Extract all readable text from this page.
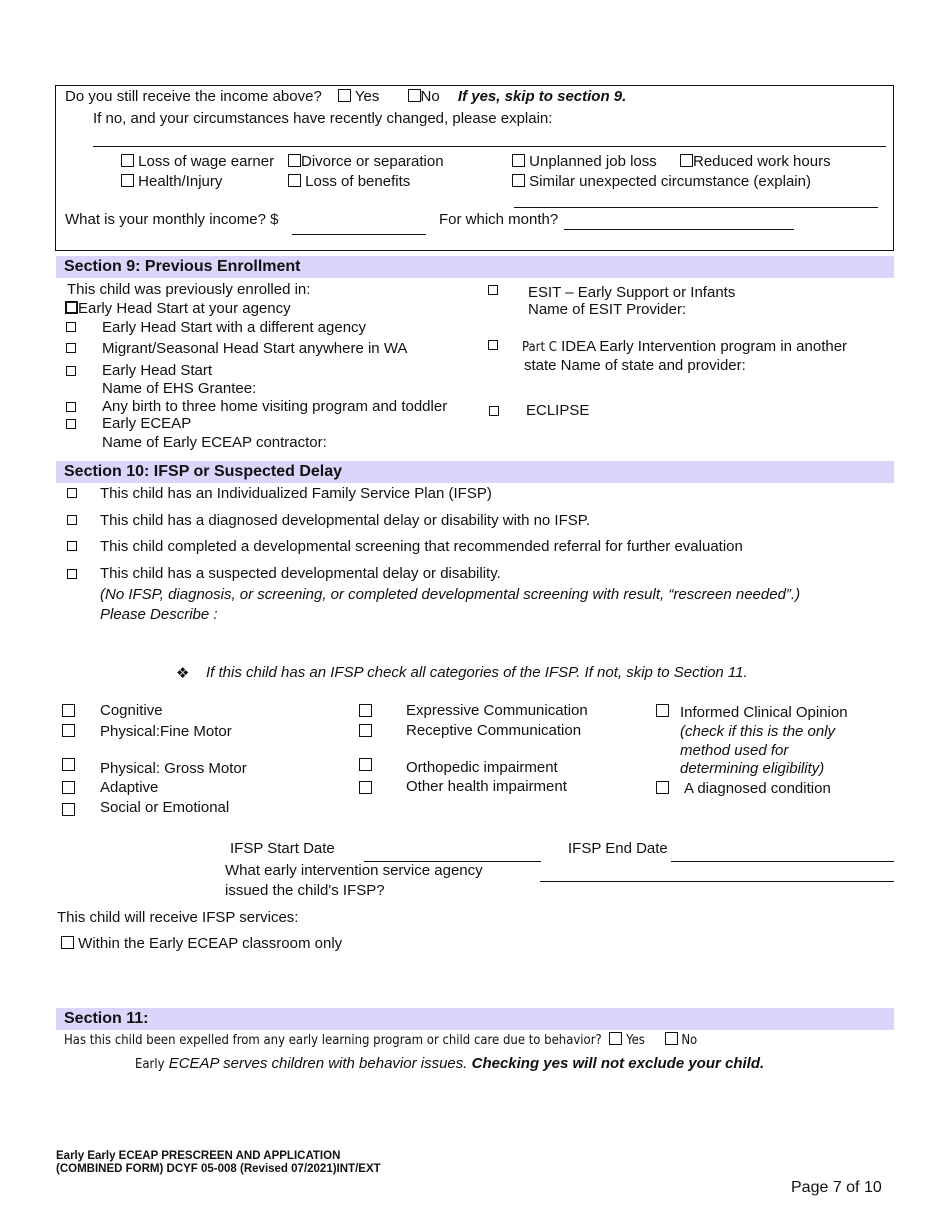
Do you still receive the income above? Yes	No If yes, skip to section 9.
If no, and your circumstances have recently changed, please explain:
Loss of wage earner	Divorce or separation	Unplanned job loss	Reduced work hours
Health/Injury	Loss of benefits	Similar unexpected circumstance (explain)
What is your monthly income? $	For which month?
Section 9: Previous Enrollment
This child was previously enrolled in:
Early Head Start at your agency
Early Head Start with a different agency
Migrant/Seasonal Head Start anywhere in WA
Early Head Start
Name of EHS Grantee:
Any birth to three home visiting program and toddler
Early ECEAP
Name of Early ECEAP contractor:
ESIT – Early Support or Infants
Name of ESIT Provider:
Part C IDEA Early Intervention program in another
state Name of state and provider:
ECLIPSE
Section 10: IFSP or Suspected Delay
This child has an Individualized Family Service Plan (IFSP)
This child has a diagnosed developmental delay or disability with no IFSP.
This child completed a developmental screening that recommended referral for further evaluation
This child has a suspected developmental delay or disability.
(No IFSP, diagnosis, or screening, or completed developmental screening with result, “rescreen needed”.)
Please Describe :
❖ If this child has an IFSP check all categories of the IFSP. If not, skip to Section 11.
Cognitive
Physical:Fine Motor
Physical: Gross Motor
Adaptive
Social or Emotional
Expressive Communication
Receptive Communication
Orthopedic impairment
Other health impairment
Informed Clinical Opinion
(check if this is the only
method used for
determining eligibility)
A diagnosed condition
IFSP Start Date	IFSP End Date
What early intervention service agency
issued the child's IFSP?
This child will receive IFSP services:
Within the Early ECEAP classroom only
Section 11:
Has this child been expelled from any early learning program or child care due to behavior? Yes	No
Early ECEAP serves children with behavior issues. Checking yes will not exclude your child.
Early Early ECEAP PRESCREEN AND APPLICATION
(COMBINED FORM) DCYF 05-008 (Revised 07/2021)INT/EXT
Page 7 of 10
